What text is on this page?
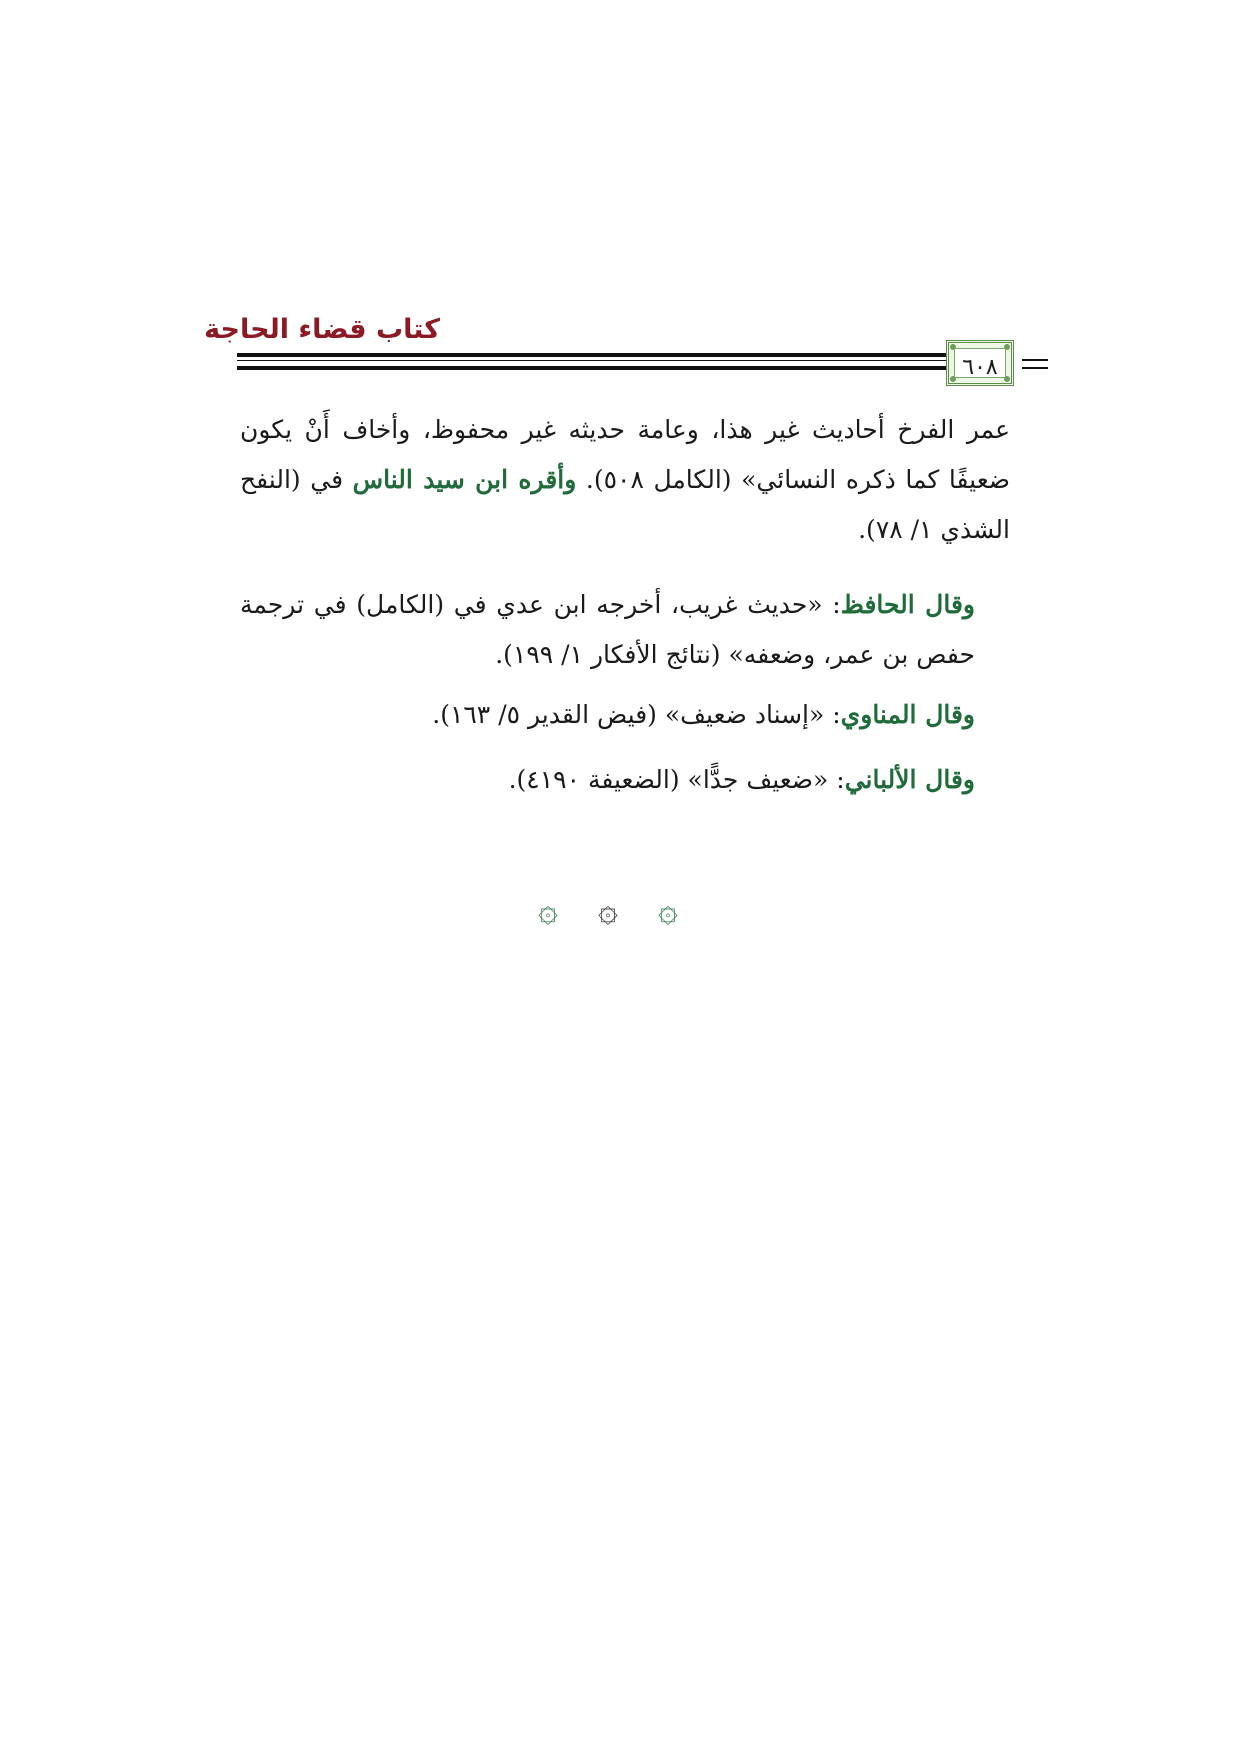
كتاب قضاء الحاجة
٦٠٨

عمر الفرخ أحاديث غير هذا، وعامة حديثه غير محفوظ، وأخاف أَنْ يكون ضعيفًا كما ذكره النسائي» (الكامل ٥٠٨). وأقره ابن سيد الناس في (النفح الشذي ١/ ٧٨).

وقال الحافظ: «حديث غريب، أخرجه ابن عدي في (الكامل) في ترجمة حفص بن عمر، وضعفه» (نتائج الأفكار ١/ ١٩٩).

وقال المناوي: «إسناد ضعيف» (فيض القدير ٥/ ١٦٣).

وقال الألباني: «ضعيف جدًّا» (الضعيفة ٤١٩٠).

۞ ۞ ۞
